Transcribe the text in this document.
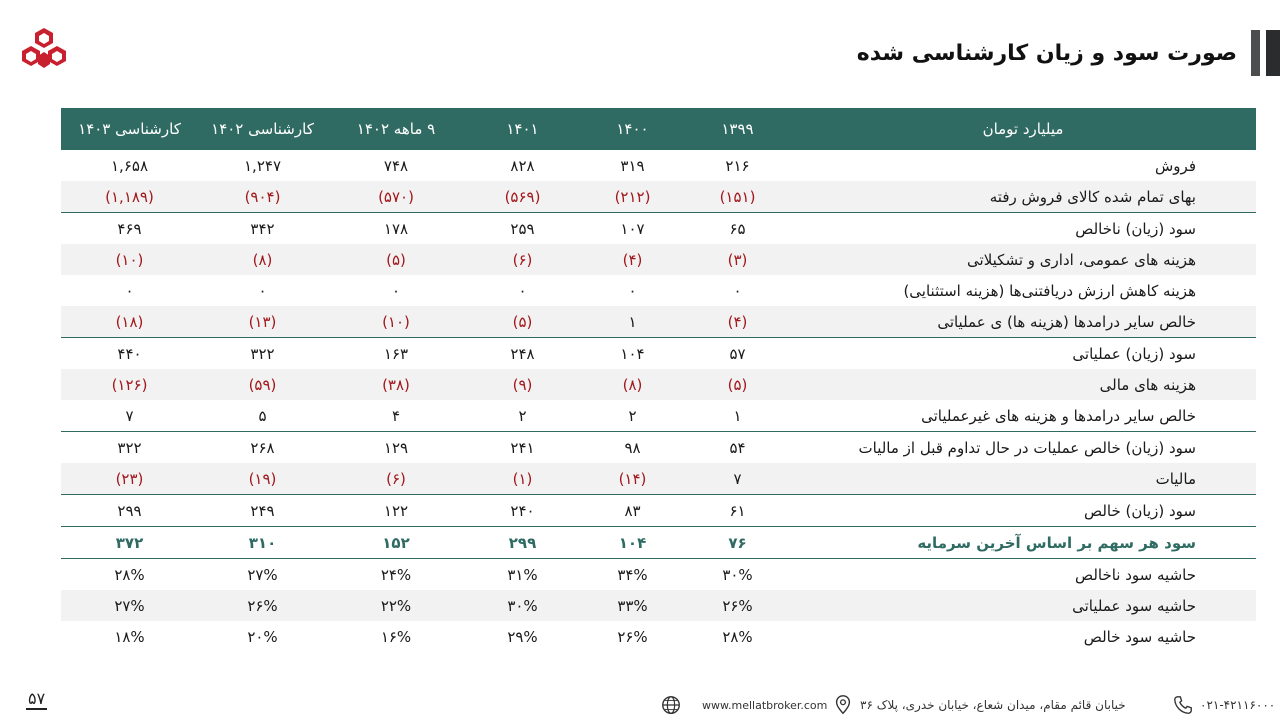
صورت سود و زیان کارشناسی شده
کارشناسی ۱۴۰۳	کارشناسی ۱۴۰۲	۹ ماهه ۱۴۰۲	۱۴۰۱	۱۴۰۰	۱۳۹۹	میلیارد تومان
۱,۶۵۸	۱,۲۴۷	۷۴۸	۸۲۸	۳۱۹	۲۱۶	فروش
(۱,۱۸۹)	(۹۰۴)	(۵۷۰)	(۵۶۹)	(۲۱۲)	(۱۵۱)	بهای تمام شده کالای فروش رفته
۴۶۹	۳۴۲	۱۷۸	۲۵۹	۱۰۷	۶۵	سود (زیان) ناخالص
(۱۰)	(۸)	(۵)	(۶)	(۴)	(۳)	هزینه های عمومی، اداری و تشکیلاتی
۰	۰	۰	۰	۰	۰	هزینه کاهش ارزش دریافتنی‌ها (هزینه استثنایی)
(۱۸)	(۱۳)	(۱۰)	(۵)	۱	(۴)	خالص سایر درامدها (هزینه ها) ی عملیاتی
۴۴۰	۳۲۲	۱۶۳	۲۴۸	۱۰۴	۵۷	سود (زیان) عملیاتی
(۱۲۶)	(۵۹)	(۳۸)	(۹)	(۸)	(۵)	هزینه های مالی
۷	۵	۴	۲	۲	۱	خالص سایر درامدها و هزینه های غیرعملیاتی
۳۲۲	۲۶۸	۱۲۹	۲۴۱	۹۸	۵۴	سود (زیان) خالص عملیات در حال تداوم قبل از مالیات
(۲۳)	(۱۹)	(۶)	(۱)	(۱۴)	۷	مالیات
۲۹۹	۲۴۹	۱۲۲	۲۴۰	۸۳	۶۱	سود (زیان) خالص
۳۷۲	۳۱۰	۱۵۲	۲۹۹	۱۰۴	۷۶	سود هر سهم بر اساس آخرین سرمایه
۲۸%	۲۷%	۲۴%	۳۱%	۳۴%	۳۰%	حاشیه سود ناخالص
۲۷%	۲۶%	۲۲%	۳۰%	۳۳%	۲۶%	حاشیه سود عملیاتی
۱۸%	۲۰%	۱۶%	۲۹%	۲۶%	۲۸%	حاشیه سود خالص
۵۷	www.mellatbroker.com	خیابان قائم مقام، میدان شعاع، خیابان خدری، پلاک ۳۶	۰۲۱-۴۲۱۱۶۰۰۰
